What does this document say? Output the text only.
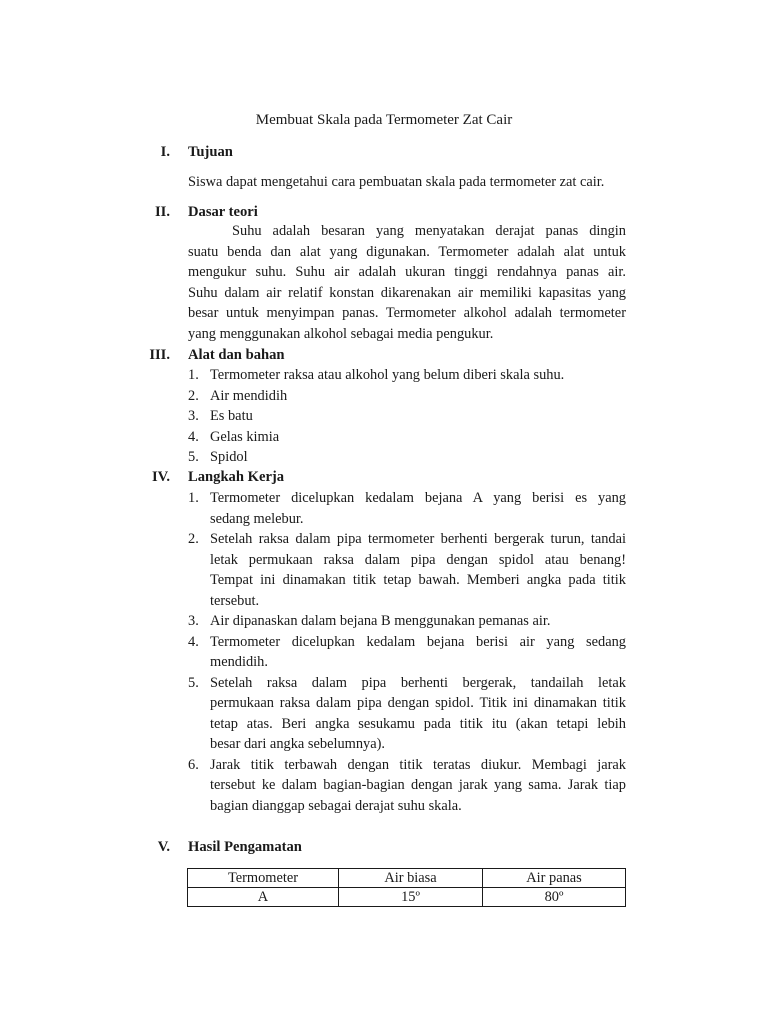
Membuat Skala pada Termometer Zat Cair
I. Tujuan
Siswa dapat mengetahui cara pembuatan skala pada termometer zat cair.
II. Dasar teori
Suhu adalah besaran yang menyatakan derajat panas dingin
suatu benda dan alat yang digunakan. Termometer adalah alat untuk
mengukur suhu. Suhu air adalah ukuran tinggi rendahnya panas air.
Suhu dalam air relatif konstan dikarenakan air memiliki kapasitas yang
besar untuk menyimpan panas. Termometer alkohol adalah termometer
yang menggunakan alkohol sebagai media pengukur.
III. Alat dan bahan
1. Termometer raksa atau alkohol yang belum diberi skala suhu.
2. Air mendidih
3. Es batu
4. Gelas kimia
5. Spidol
IV. Langkah Kerja
1. Termometer dicelupkan kedalam bejana A yang berisi es yang
sedang melebur.
2. Setelah raksa dalam pipa termometer berhenti bergerak turun, tandai
letak permukaan raksa dalam pipa dengan spidol atau benang!
Tempat ini dinamakan titik tetap bawah. Memberi angka pada titik
tersebut.
3. Air dipanaskan dalam bejana B menggunakan pemanas air.
4. Termometer dicelupkan kedalam bejana berisi air yang sedang
mendidih.
5. Setelah raksa dalam pipa berhenti bergerak, tandailah letak
permukaan raksa dalam pipa dengan spidol. Titik ini dinamakan titik
tetap atas. Beri angka sesukamu pada titik itu (akan tetapi lebih
besar dari angka sebelumnya).
6. Jarak titik terbawah dengan titik teratas diukur. Membagi jarak
tersebut ke dalam bagian-bagian dengan jarak yang sama. Jarak tiap
bagian dianggap sebagai derajat suhu skala.
V. Hasil Pengamatan
Termometer	Air biasa	Air panas
A	15º	80º
